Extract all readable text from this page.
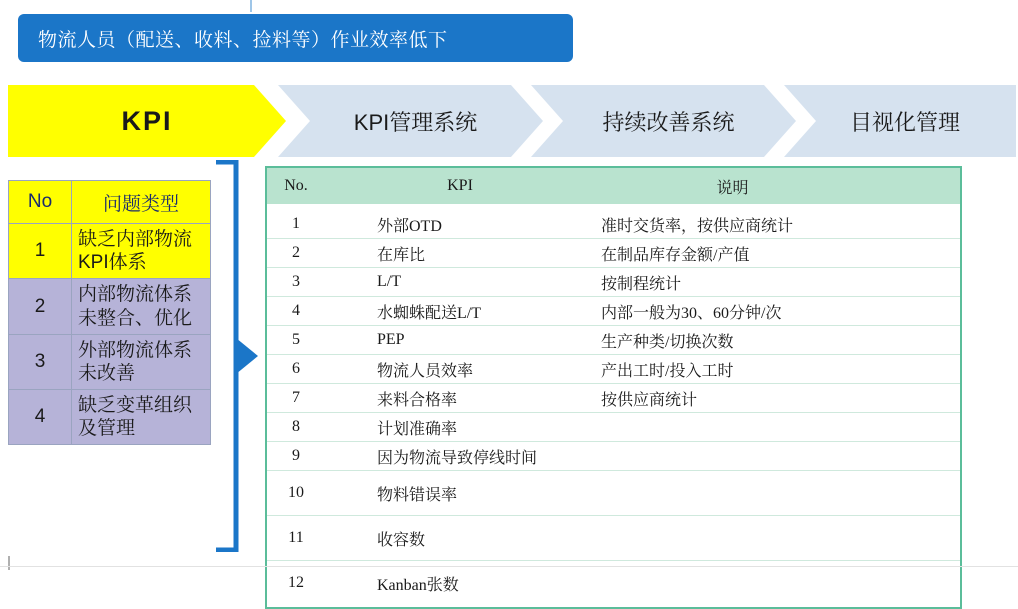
物流人员（配送、收料、捡料等）作业效率低下
KPI	KPI管理系统	持续改善系统	目视化管理
No	问题类型
1	缺乏内部物流KPI体系
2	内部物流体系未整合、优化
3	外部物流体系未改善
4	缺乏变革组织及管理
No.	KPI	说明
1	外部OTD	准时交货率，按供应商统计
2	在库比	在制品库存金额/产值
3	L/T	按制程统计
4	水蜘蛛配送L/T	内部一般为30、60分钟/次
5	PEP	生产种类/切换次数
6	物流人员效率	产出工时/投入工时
7	来料合格率	按供应商统计
8	计划准确率
9	因为物流导致停线时间
10	物料错误率
11	收容数
12	Kanban张数
